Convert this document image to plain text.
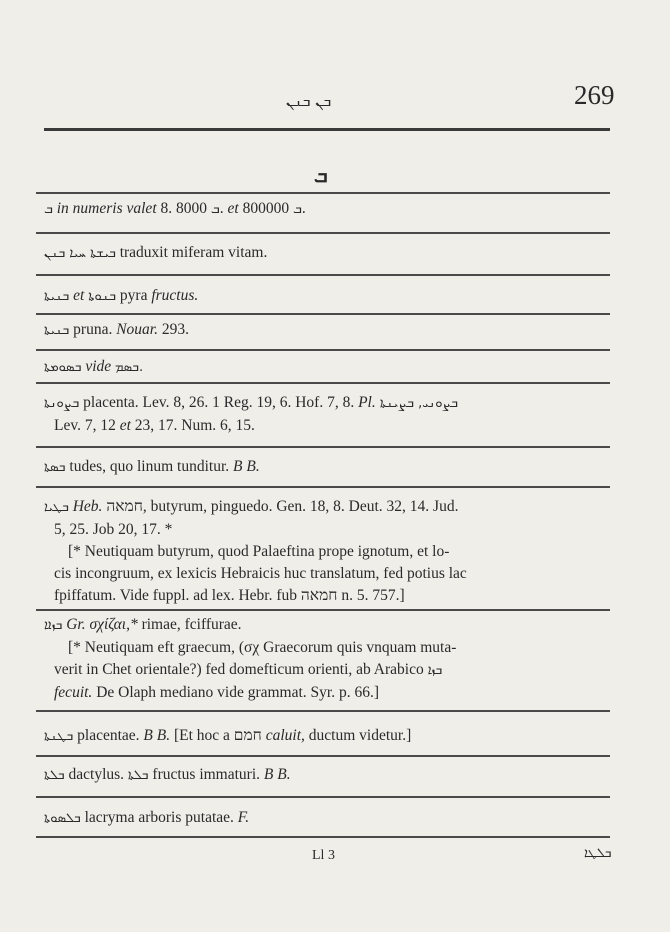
ܒܢ ܒܢܢ	269
ܒ
ܒ in numeris valet 8.	ܒ 8000. et	ܒ 800000.
ܒܝܫܬܐ ܚܝܐ ܒܢܢ traduxit miferam vitam.
ܒܢܝܬܐ et ܒܢܘܬܐ pyra fructus.
ܒܢܝܬܐ pruna. Nouar. 293.
ܒܣܘܡܬܐ vide ܒܣܡ.
ܒܨܘܢܬܐ placenta. Lev. 8, 26. 1 Reg. 19, 6. Hof. 7, 8. Pl. ܒܨܘܢܝ, ܒܨܝܢܬܐ
Lev. 7, 12 et 23, 17. Num. 6, 15.
ܒܣܬܐ tudes, quo linum tunditur. B B.
ܒܛܝܐ Heb. חמאה, butyrum, pinguedo. Gen. 18, 8. Deut. 32, 14. Jud.
5, 25. Job 20, 17. *
[* Neutiquam butyrum, quod Palaeftina prope ignotum, et lo-
cis incongruum, ex lexicis Hebraicis huc translatum, fed potius lac
fpiffatum. Vide fuppl. ad lex. Hebr. fub חמאה n. 5. 757.]
ܒܙܐܐ Gr. σχίζαι,* rimae, fciffurae.
[* Neutiquam eft graecum, (σχ Graecorum quis vnquam muta-
verit in Chet orientale?) fed domefticum orienti, ab Arabico ܒܙܐ
fecuit. De Olaph mediano vide grammat. Syr. p. 66.]
ܒܛܢܬܐ placentae. B B. [Et hoc a חמם caluit, ductum videtur.]
ܒܠܬܐ dactylus. ܒܠܬܐ fructus immaturi. B B.
ܒܠܣܘܬܐ lacryma arboris putatae. F.
Ll 3	ܒܠܛܐ
